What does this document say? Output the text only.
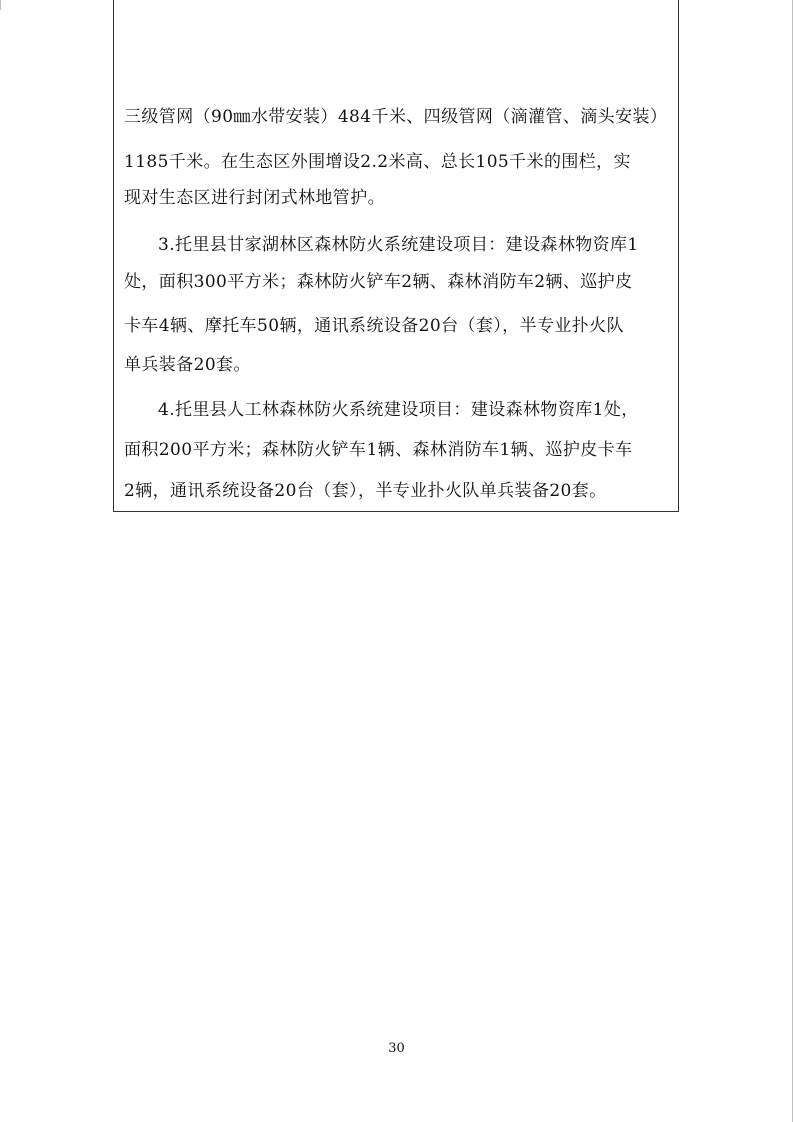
三级管网（90㎜水带安装）484千米、四级管网（滴灌管、滴头安装）
1185千米。在生态区外围增设2.2米高、总长105千米的围栏，实
现对生态区进行封闭式林地管护。
3.托里县甘家湖林区森林防火系统建设项目：建设森林物资库1
处，面积300平方米；森林防火铲车2辆、森林消防车2辆、巡护皮
卡车4辆、摩托车50辆，通讯系统设备20台（套），半专业扑火队
单兵装备20套。
4.托里县人工林森林防火系统建设项目：建设森林物资库1处，
面积200平方米；森林防火铲车1辆、森林消防车1辆、巡护皮卡车
2辆，通讯系统设备20台（套），半专业扑火队单兵装备20套。
30
